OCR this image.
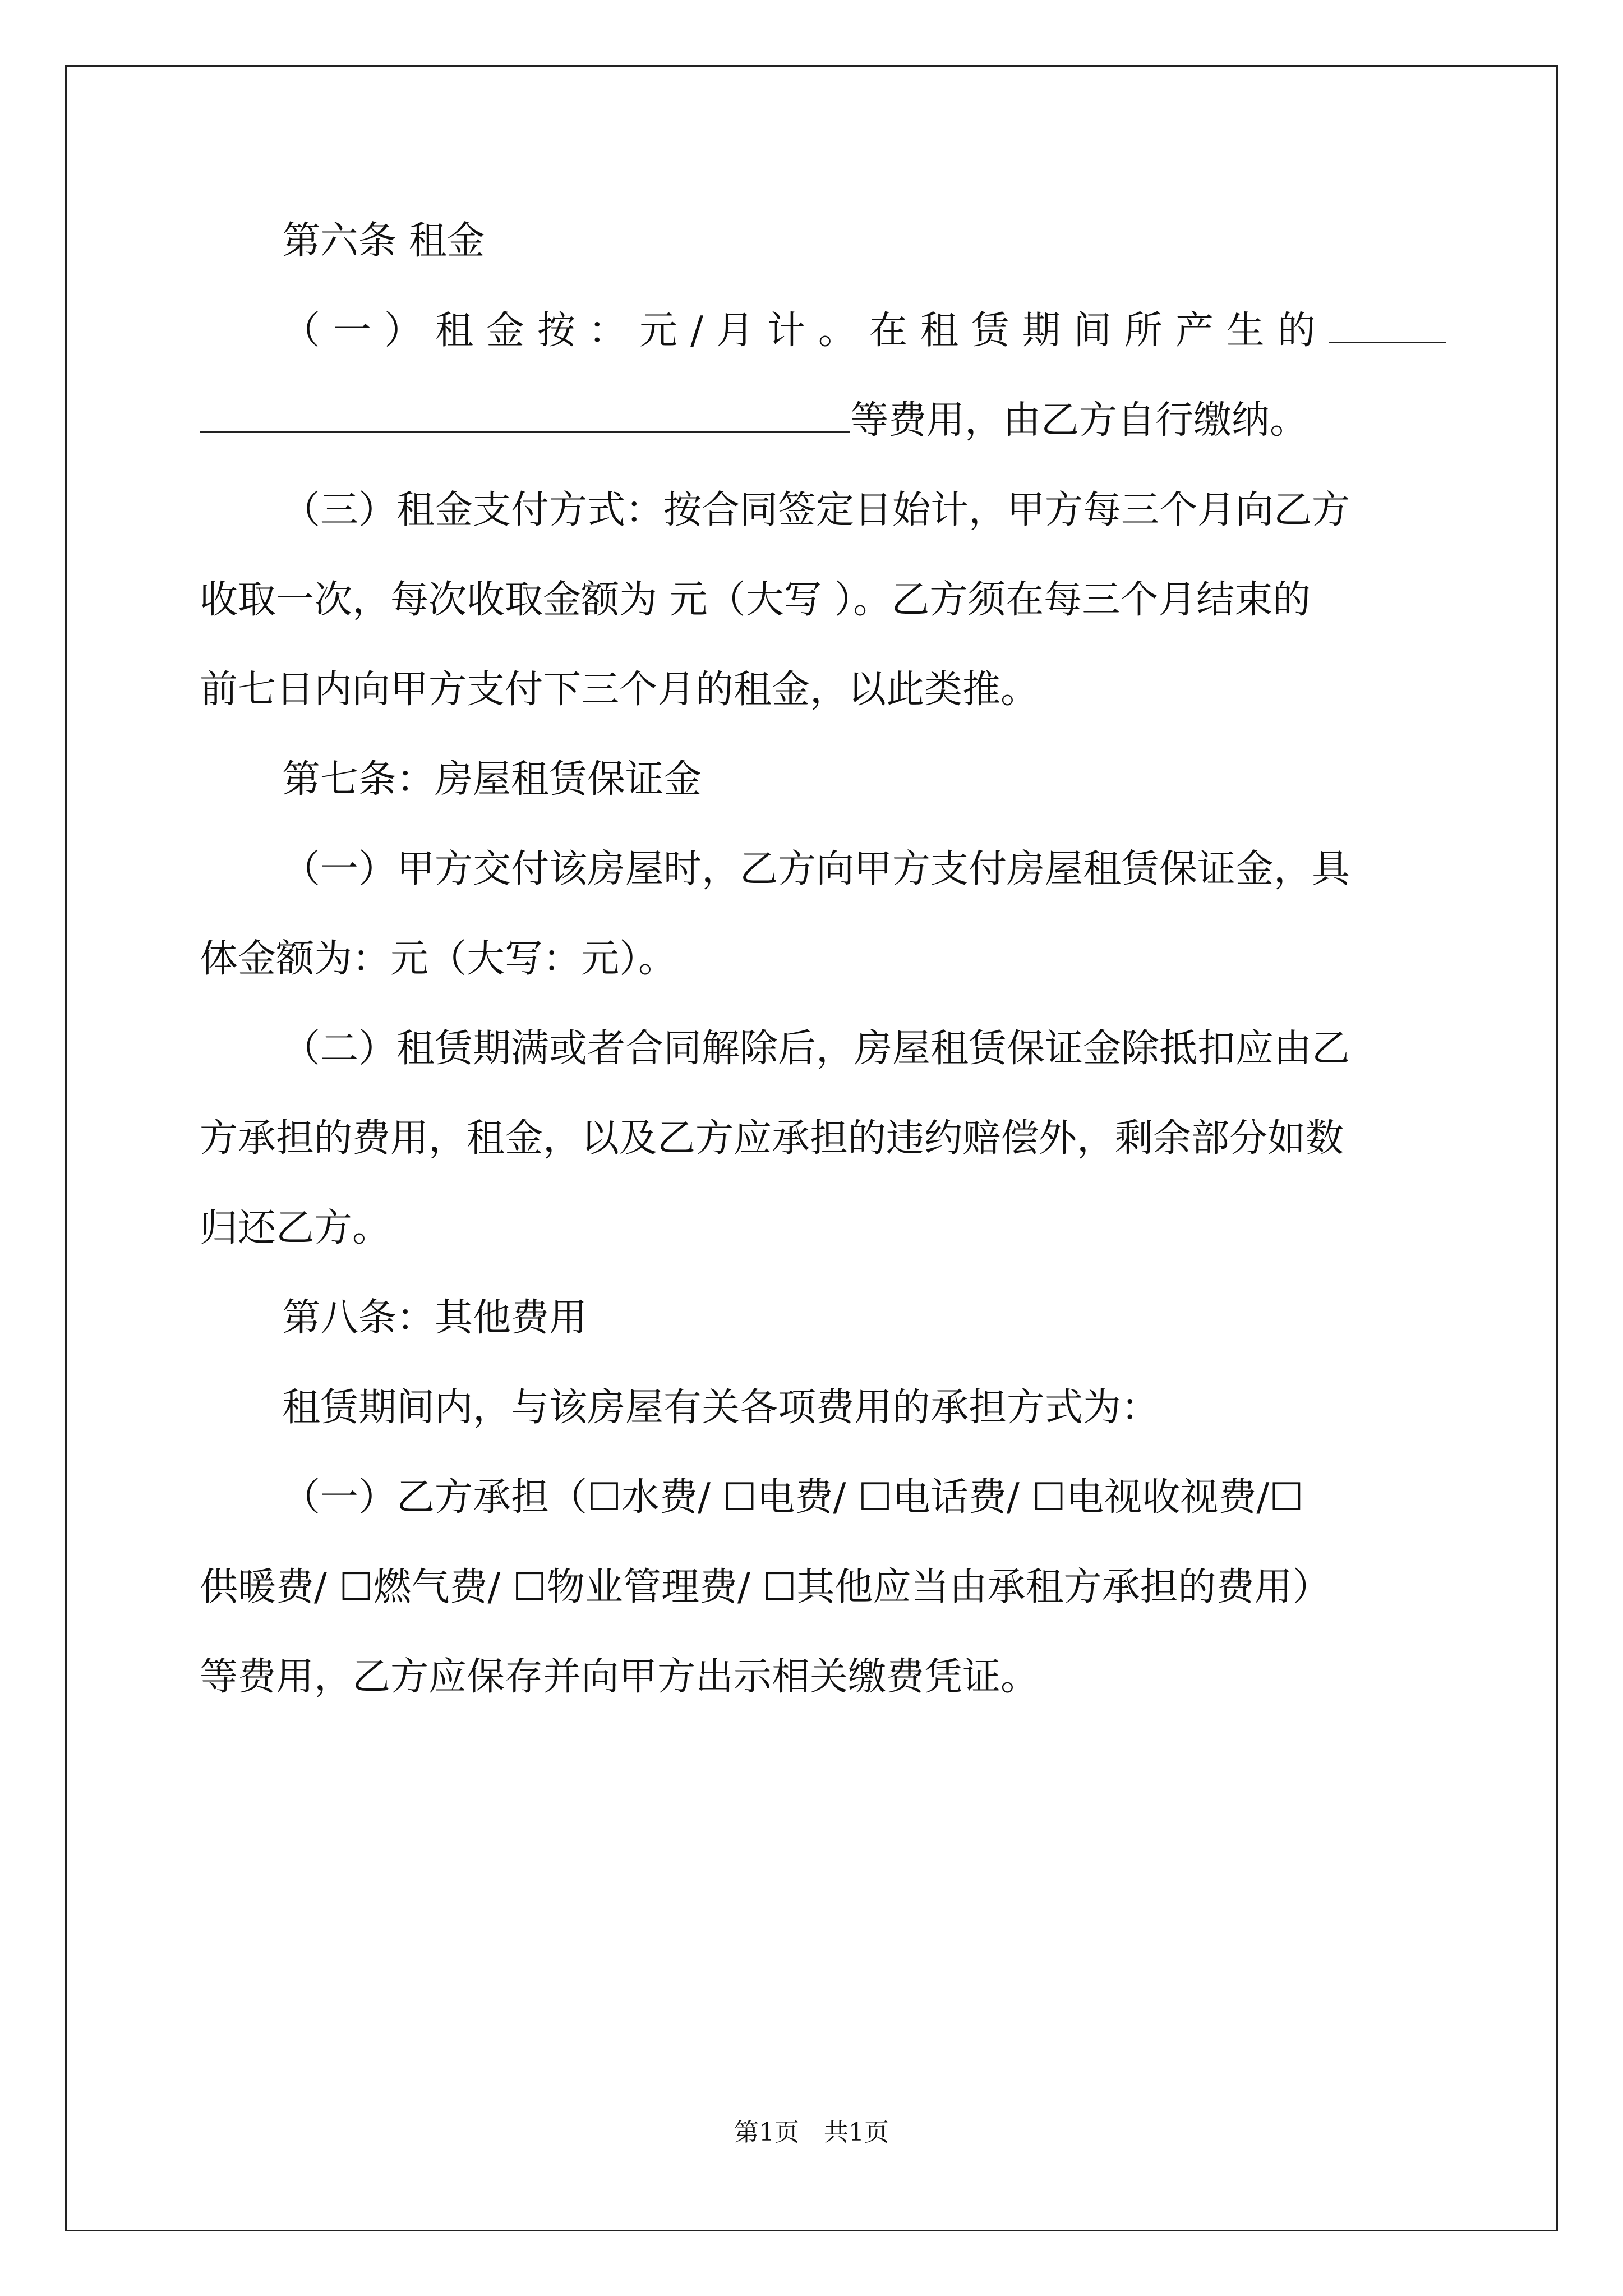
第六条 租金
（一）租金按：元/月计。在租赁期间所产生的
等费用，由乙方自行缴纳。
（三）租金支付方式：按合同签定日始计，甲方每三个月向乙方
收取一次，每次收取金额为 元（大写 ）。乙方须在每三个月结束的
前七日内向甲方支付下三个月的租金，以此类推。
第七条：房屋租赁保证金
（一）甲方交付该房屋时，乙方向甲方支付房屋租赁保证金，具
体金额为：元（大写：元）。
（二）租赁期满或者合同解除后，房屋租赁保证金除抵扣应由乙
方承担的费用，租金，以及乙方应承担的违约赔偿外，剩余部分如数
归还乙方。
第八条：其他费用
租赁期间内，与该房屋有关各项费用的承担方式为：
（一）乙方承担（☐水费/ ☐电费/ ☐电话费/ ☐电视收视费/☐
供暖费/ ☐燃气费/ ☐物业管理费/ ☐其他应当由承租方承担的费用）
等费用，乙方应保存并向甲方出示相关缴费凭证。
第1页　共1页
